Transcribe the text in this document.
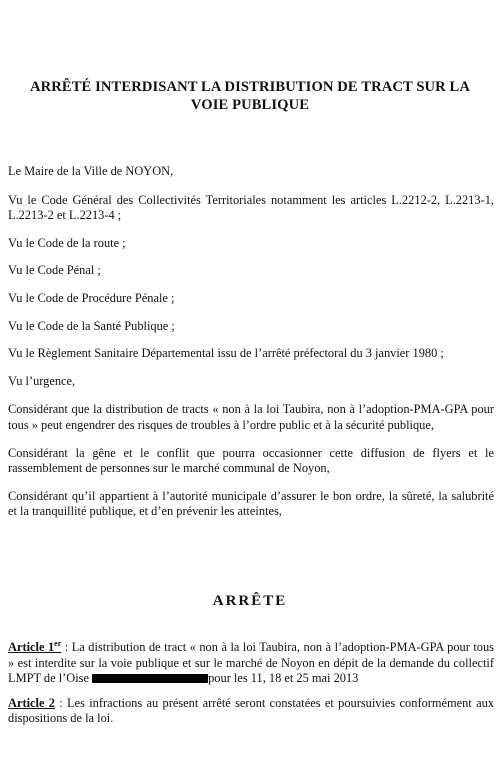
ARRÊTÉ INTERDISANT LA DISTRIBUTION DE TRACT SUR LA VOIE PUBLIQUE

Le Maire de la Ville de NOYON,

Vu le Code Général des Collectivités Territoriales notamment les articles L.2212-2, L.2213-1, L.2213-2 et L.2213-4 ;

Vu le Code de la route ;

Vu le Code Pénal ;

Vu le Code de Procédure Pénale ;

Vu le Code de la Santé Publique ;

Vu le Règlement Sanitaire Départemental issu de l’arrêté préfectoral du 3 janvier 1980 ;

Vu l’urgence,

Considérant que la distribution de tracts « non à la loi Taubira, non à l’adoption-PMA-GPA pour tous » peut engendrer des risques de troubles à l’ordre public et à la sécurité publique,

Considérant la gêne et le conflit que pourra occasionner cette diffusion de flyers et le rassemblement de personnes sur le marché communal de Noyon,

Considérant qu’il appartient à l’autorité municipale d’assurer le bon ordre, la sûreté, la salubrité et la tranquillité publique, et d’en prévenir les atteintes,

ARRÊTE

Article 1er : La distribution de tract « non à la loi Taubira, non à l’adoption-PMA-GPA pour tous » est interdite sur la voie publique et sur le marché de Noyon en dépit de la demande du collectif LMPT de l’Oise	pour les 11, 18 et 25 mai 2013

Article 2 : Les infractions au présent arrêté seront constatées et poursuivies conformément aux dispositions de la loi.
